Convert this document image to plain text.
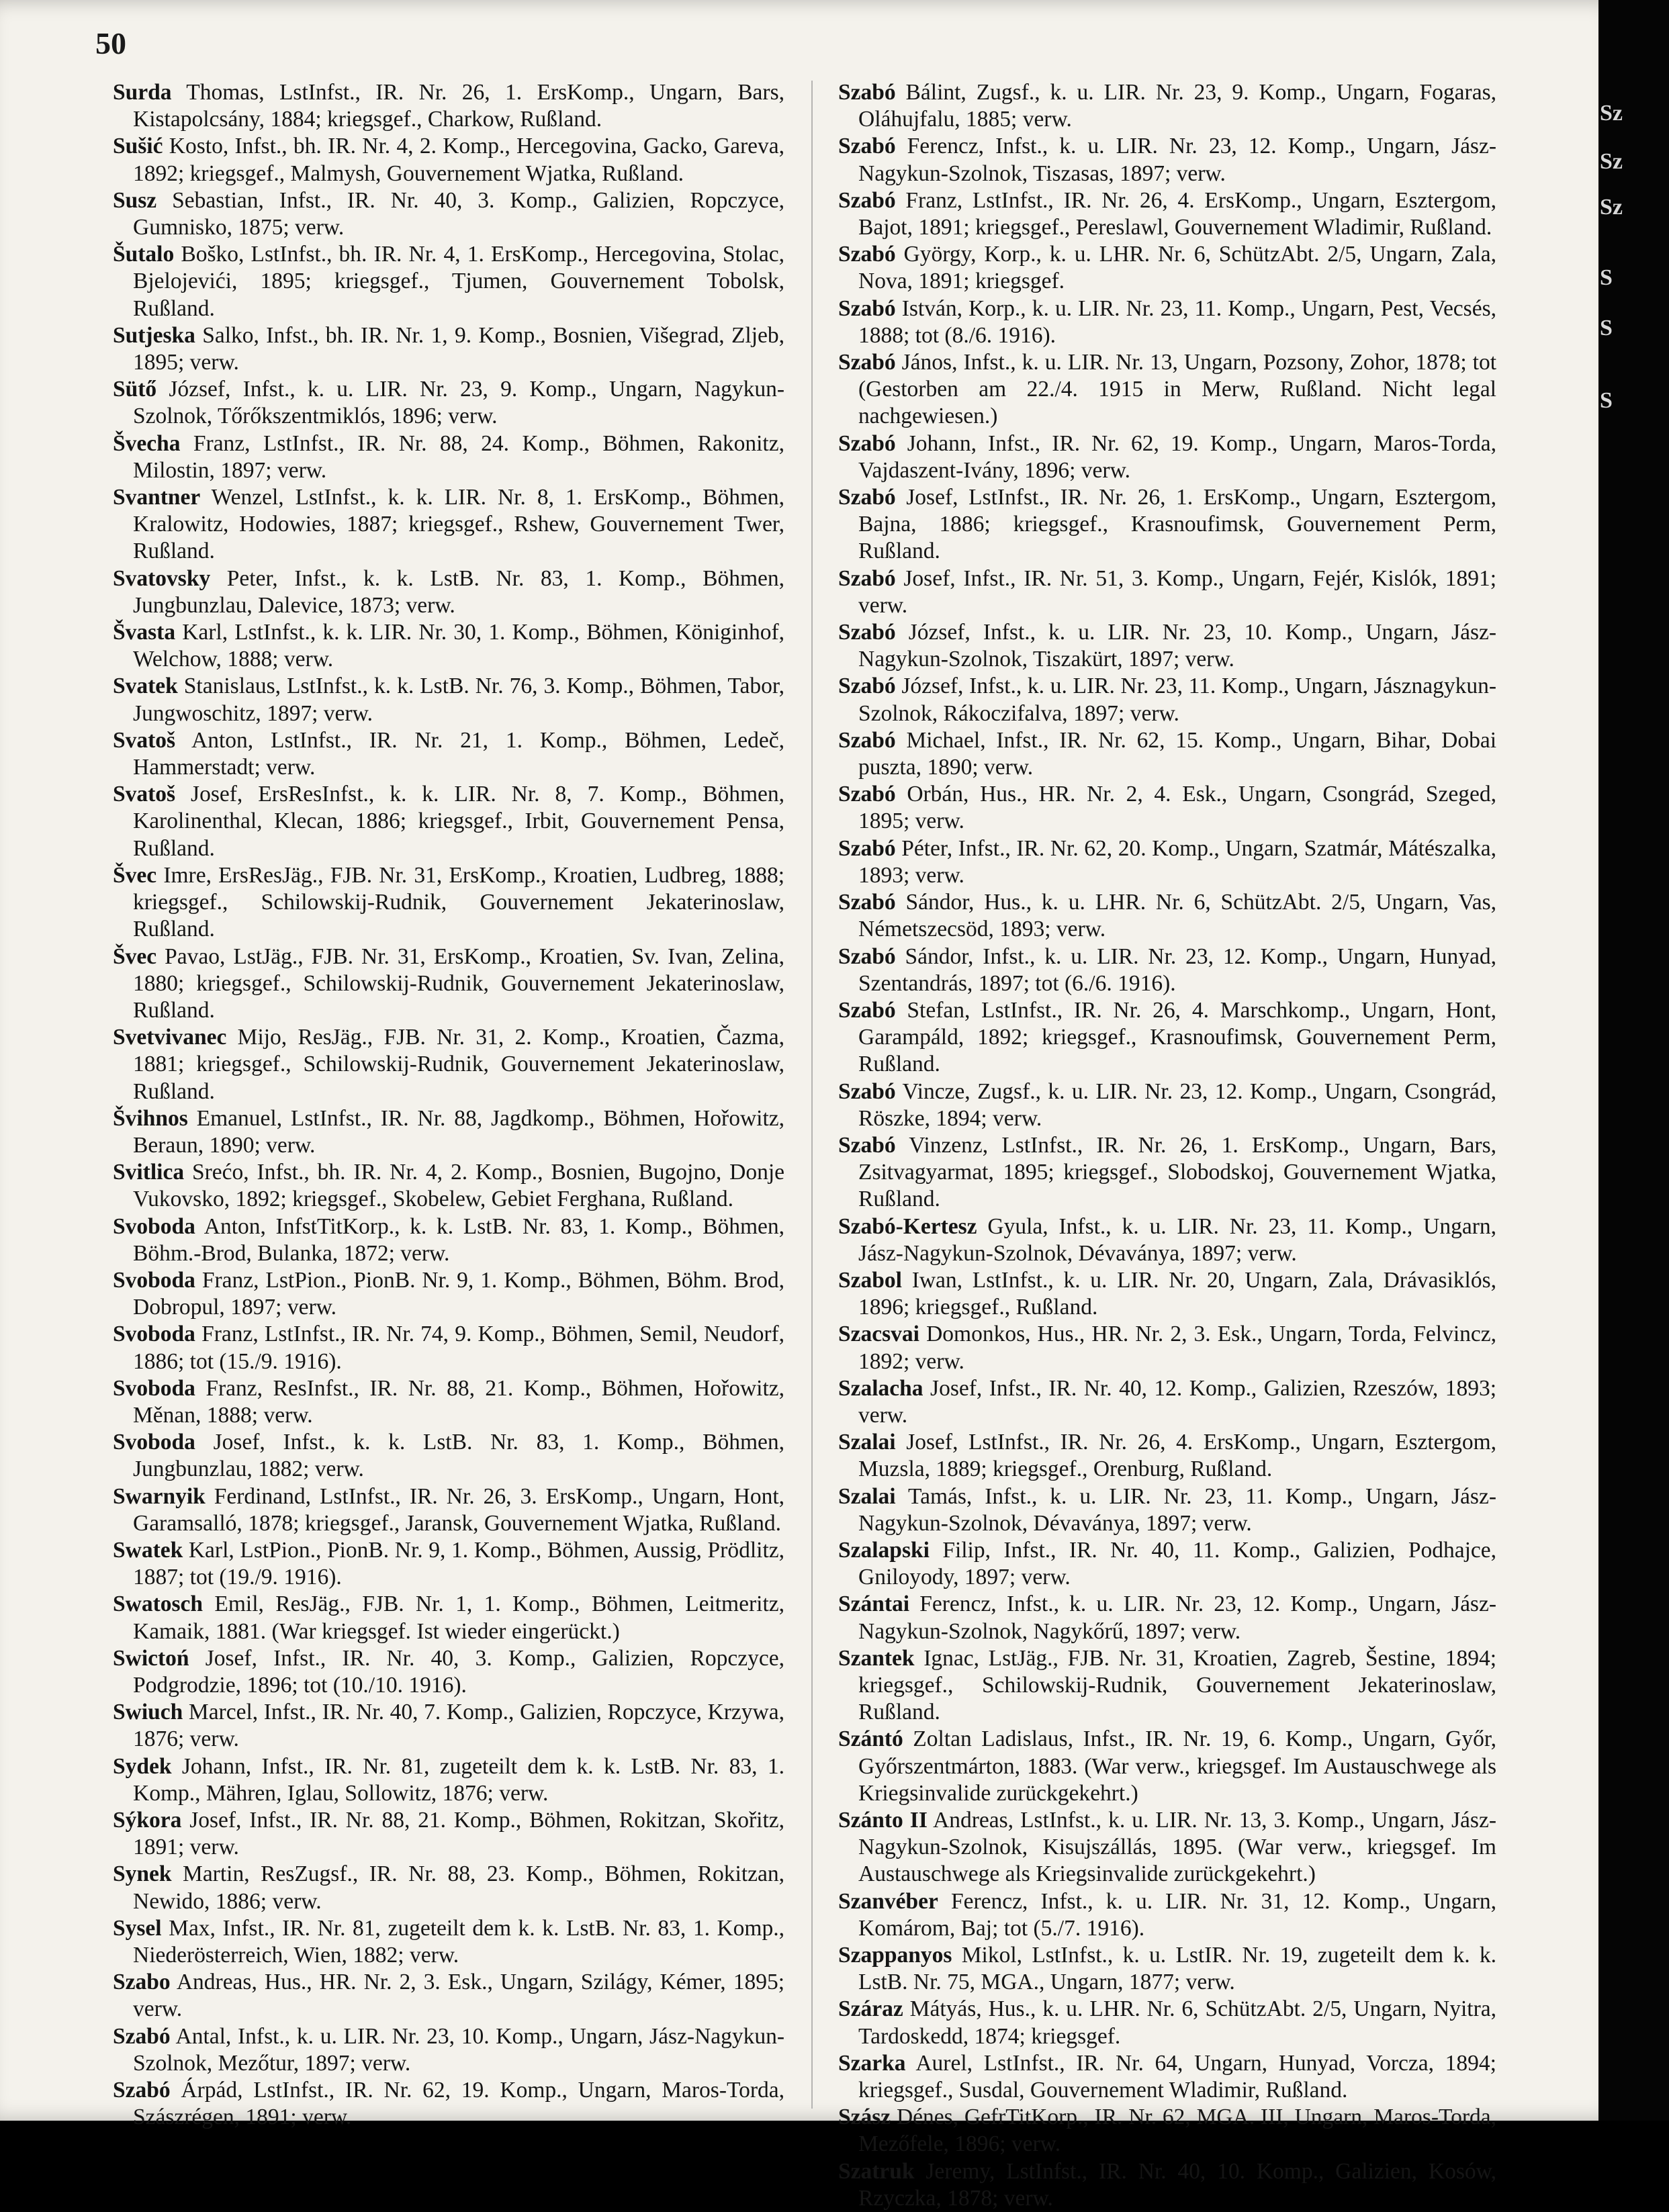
50

Surda Thomas, LstInfst., IR. Nr. 26, 1. ErsKomp., Ungarn, Bars, Kistapolcsány, 1884; kriegsgef., Charkow, Rußland.

Sušić Kosto, Infst., bh. IR. Nr. 4, 2. Komp., Hercegovina, Gacko, Gareva, 1892; kriegsgef., Malmysh, Gouvernement Wjatka, Rußland.

Susz Sebastian, Infst., IR. Nr. 40, 3. Komp., Galizien, Ropczyce, Gumnisko, 1875; verw.

Šutalo Boško, LstInfst., bh. IR. Nr. 4, 1. ErsKomp., Hercegovina, Stolac, Bjelojevići, 1895; kriegsgef., Tjumen, Gouvernement Tobolsk, Rußland.

Sutjeska Salko, Infst., bh. IR. Nr. 1, 9. Komp., Bosnien, Višegrad, Zljeb, 1895; verw.

Sütő József, Infst., k. u. LIR. Nr. 23, 9. Komp., Ungarn, Nagykun-Szolnok, Tőrőkszentmiklós, 1896; verw.

Švecha Franz, LstInfst., IR. Nr. 88, 24. Komp., Böhmen, Rakonitz, Milostin, 1897; verw.

Svantner Wenzel, LstInfst., k. k. LIR. Nr. 8, 1. ErsKomp., Böhmen, Kralowitz, Hodowies, 1887; kriegsgef., Rshew, Gouvernement Twer, Rußland.

Svatovsky Peter, Infst., k. k. LstB. Nr. 83, 1. Komp., Böhmen, Jungbunzlau, Dalevice, 1873; verw.

Švasta Karl, LstInfst., k. k. LIR. Nr. 30, 1. Komp., Böhmen, Königinhof, Welchow, 1888; verw.

Svatek Stanislaus, LstInfst., k. k. LstB. Nr. 76, 3. Komp., Böhmen, Tabor, Jungwoschitz, 1897; verw.

Svatoš Anton, LstInfst., IR. Nr. 21, 1. Komp., Böhmen, Ledeč, Hammerstadt; verw.

Svatoš Josef, ErsResInfst., k. k. LIR. Nr. 8, 7. Komp., Böhmen, Karolinenthal, Klecan, 1886; kriegsgef., Irbit, Gouvernement Pensa, Rußland.

Švec Imre, ErsResJäg., FJB. Nr. 31, ErsKomp., Kroatien, Ludbreg, 1888; kriegsgef., Schilowskij-Rudnik, Gouvernement Jekaterinoslaw, Rußland.

Švec Pavao, LstJäg., FJB. Nr. 31, ErsKomp., Kroatien, Sv. Ivan, Zelina, 1880; kriegsgef., Schilowskij-Rudnik, Gouvernement Jekaterinoslaw, Rußland.

Svetvivanec Mijo, ResJäg., FJB. Nr. 31, 2. Komp., Kroatien, Čazma, 1881; kriegsgef., Schilowskij-Rudnik, Gouvernement Jekaterinoslaw, Rußland.

Švihnos Emanuel, LstInfst., IR. Nr. 88, Jagdkomp., Böhmen, Hořowitz, Beraun, 1890; verw.

Svitlica Srećo, Infst., bh. IR. Nr. 4, 2. Komp., Bosnien, Bugojno, Donje Vukovsko, 1892; kriegsgef., Skobelew, Gebiet Ferghana, Rußland.

Svoboda Anton, InfstTitKorp., k. k. LstB. Nr. 83, 1. Komp., Böhmen, Böhm.-Brod, Bulanka, 1872; verw.

Svoboda Franz, LstPion., PionB. Nr. 9, 1. Komp., Böhmen, Böhm. Brod, Dobropul, 1897; verw.

Svoboda Franz, LstInfst., IR. Nr. 74, 9. Komp., Böhmen, Semil, Neudorf, 1886; tot (15./9. 1916).

Svoboda Franz, ResInfst., IR. Nr. 88, 21. Komp., Böhmen, Hořowitz, Měnan, 1888; verw.

Svoboda Josef, Infst., k. k. LstB. Nr. 83, 1. Komp., Böhmen, Jungbunzlau, 1882; verw.

Swarnyik Ferdinand, LstInfst., IR. Nr. 26, 3. ErsKomp., Ungarn, Hont, Garamsalló, 1878; kriegsgef., Jaransk, Gouvernement Wjatka, Rußland.

Swatek Karl, LstPion., PionB. Nr. 9, 1. Komp., Böhmen, Aussig, Prödlitz, 1887; tot (19./9. 1916).

Swatosch Emil, ResJäg., FJB. Nr. 1, 1. Komp., Böhmen, Leitmeritz, Kamaik, 1881. (War kriegsgef. Ist wieder eingerückt.)

Swictoń Josef, Infst., IR. Nr. 40, 3. Komp., Galizien, Ropczyce, Podgrodzie, 1896; tot (10./10. 1916).

Swiuch Marcel, Infst., IR. Nr. 40, 7. Komp., Galizien, Ropczyce, Krzywa, 1876; verw.

Sydek Johann, Infst., IR. Nr. 81, zugeteilt dem k. k. LstB. Nr. 83, 1. Komp., Mähren, Iglau, Sollowitz, 1876; verw.

Sýkora Josef, Infst., IR. Nr. 88, 21. Komp., Böhmen, Rokitzan, Skořitz, 1891; verw.

Synek Martin, ResZugsf., IR. Nr. 88, 23. Komp., Böhmen, Rokitzan, Newido, 1886; verw.

Sysel Max, Infst., IR. Nr. 81, zugeteilt dem k. k. LstB. Nr. 83, 1. Komp., Niederösterreich, Wien, 1882; verw.

Szabo Andreas, Hus., HR. Nr. 2, 3. Esk., Ungarn, Szilágy, Kémer, 1895; verw.

Szabó Antal, Infst., k. u. LIR. Nr. 23, 10. Komp., Ungarn, Jász-Nagykun-Szolnok, Mezőtur, 1897; verw.

Szabó Árpád, LstInfst., IR. Nr. 62, 19. Komp., Ungarn, Maros-Torda, Szászrégen, 1891; verw.

Szabó Bálint, Zugsf., k. u. LIR. Nr. 23, 9. Komp., Ungarn, Fogaras, Oláhujfalu, 1885; verw.

Szabó Ferencz, Infst., k. u. LIR. Nr. 23, 12. Komp., Ungarn, Jász-Nagykun-Szolnok, Tiszasas, 1897; verw.

Szabó Franz, LstInfst., IR. Nr. 26, 4. ErsKomp., Ungarn, Esztergom, Bajot, 1891; kriegsgef., Pereslawl, Gouvernement Wladimir, Rußland.

Szabó György, Korp., k. u. LHR. Nr. 6, SchützAbt. 2/5, Ungarn, Zala, Nova, 1891; kriegsgef.

Szabó István, Korp., k. u. LIR. Nr. 23, 11. Komp., Ungarn, Pest, Vecsés, 1888; tot (8./6. 1916).

Szabó János, Infst., k. u. LIR. Nr. 13, Ungarn, Pozsony, Zohor, 1878; tot (Gestorben am 22./4. 1915 in Merw, Rußland. Nicht legal nachgewiesen.)

Szabó Johann, Infst., IR. Nr. 62, 19. Komp., Ungarn, Maros-Torda, Vajdaszent-Ivány, 1896; verw.

Szabó Josef, LstInfst., IR. Nr. 26, 1. ErsKomp., Ungarn, Esztergom, Bajna, 1886; kriegsgef., Krasnoufimsk, Gouvernement Perm, Rußland.

Szabó Josef, Infst., IR. Nr. 51, 3. Komp., Ungarn, Fejér, Kislók, 1891; verw.

Szabó József, Infst., k. u. LIR. Nr. 23, 10. Komp., Ungarn, Jász-Nagykun-Szolnok, Tiszakürt, 1897; verw.

Szabó József, Infst., k. u. LIR. Nr. 23, 11. Komp., Ungarn, Jásznagykun-Szolnok, Rákoczifalva, 1897; verw.

Szabó Michael, Infst., IR. Nr. 62, 15. Komp., Ungarn, Bihar, Dobai puszta, 1890; verw.

Szabó Orbán, Hus., HR. Nr. 2, 4. Esk., Ungarn, Csongrád, Szeged, 1895; verw.

Szabó Péter, Infst., IR. Nr. 62, 20. Komp., Ungarn, Szatmár, Mátészalka, 1893; verw.

Szabó Sándor, Hus., k. u. LHR. Nr. 6, SchützAbt. 2/5, Ungarn, Vas, Németszecsöd, 1893; verw.

Szabó Sándor, Infst., k. u. LIR. Nr. 23, 12. Komp., Ungarn, Hunyad, Szentandrás, 1897; tot (6./6. 1916).

Szabó Stefan, LstInfst., IR. Nr. 26, 4. Marschkomp., Ungarn, Hont, Garampáld, 1892; kriegsgef., Krasnoufimsk, Gouvernement Perm, Rußland.

Szabó Vincze, Zugsf., k. u. LIR. Nr. 23, 12. Komp., Ungarn, Csongrád, Röszke, 1894; verw.

Szabó Vinzenz, LstInfst., IR. Nr. 26, 1. ErsKomp., Ungarn, Bars, Zsitvagyarmat, 1895; kriegsgef., Slobodskoj, Gouvernement Wjatka, Rußland.

Szabó-Kertesz Gyula, Infst., k. u. LIR. Nr. 23, 11. Komp., Ungarn, Jász-Nagykun-Szolnok, Dévaványa, 1897; verw.

Szabol Iwan, LstInfst., k. u. LIR. Nr. 20, Ungarn, Zala, Drávasiklós, 1896; kriegsgef., Rußland.

Szacsvai Domonkos, Hus., HR. Nr. 2, 3. Esk., Ungarn, Torda, Felvincz, 1892; verw.

Szalacha Josef, Infst., IR. Nr. 40, 12. Komp., Galizien, Rzeszów, 1893; verw.

Szalai Josef, LstInfst., IR. Nr. 26, 4. ErsKomp., Ungarn, Esztergom, Muzsla, 1889; kriegsgef., Orenburg, Rußland.

Szalai Tamás, Infst., k. u. LIR. Nr. 23, 11. Komp., Ungarn, Jász-Nagykun-Szolnok, Dévaványa, 1897; verw.

Szalapski Filip, Infst., IR. Nr. 40, 11. Komp., Galizien, Podhajce, Gniloyody, 1897; verw.

Szántai Ferencz, Infst., k. u. LIR. Nr. 23, 12. Komp., Ungarn, Jász-Nagykun-Szolnok, Nagykőrű, 1897; verw.

Szantek Ignac, LstJäg., FJB. Nr. 31, Kroatien, Zagreb, Šestine, 1894; kriegsgef., Schilowskij-Rudnik, Gouvernement Jekaterinoslaw, Rußland.

Szántó Zoltan Ladislaus, Infst., IR. Nr. 19, 6. Komp., Ungarn, Győr, Győrszentmárton, 1883. (War verw., kriegsgef. Im Austauschwege als Kriegsinvalide zurückgekehrt.)

Szánto II Andreas, LstInfst., k. u. LIR. Nr. 13, 3. Komp., Ungarn, Jász-Nagykun-Szolnok, Kisujszállás, 1895. (War verw., kriegsgef. Im Austauschwege als Kriegsinvalide zurückgekehrt.)

Szanvéber Ferencz, Infst., k. u. LIR. Nr. 31, 12. Komp., Ungarn, Komárom, Baj; tot (5./7. 1916).

Szappanyos Mikol, LstInfst., k. u. LstIR. Nr. 19, zugeteilt dem k. k. LstB. Nr. 75, MGA., Ungarn, 1877; verw.

Száraz Mátyás, Hus., k. u. LHR. Nr. 6, SchützAbt. 2/5, Ungarn, Nyitra, Tardoskedd, 1874; kriegsgef.

Szarka Aurel, LstInfst., IR. Nr. 64, Ungarn, Hunyad, Vorcza, 1894; kriegsgef., Susdal, Gouvernement Wladimir, Rußland.

Szász Dénes, GefrTitKorp., IR. Nr. 62, MGA. III, Ungarn, Maros-Torda, Mezőfele, 1896; verw.

Szatruk Jeremy, LstInfst., IR. Nr. 40, 10. Komp., Galizien, Kosów, Rzyczka, 1878; verw.

Sz
Sz
Sz
S
S
S
